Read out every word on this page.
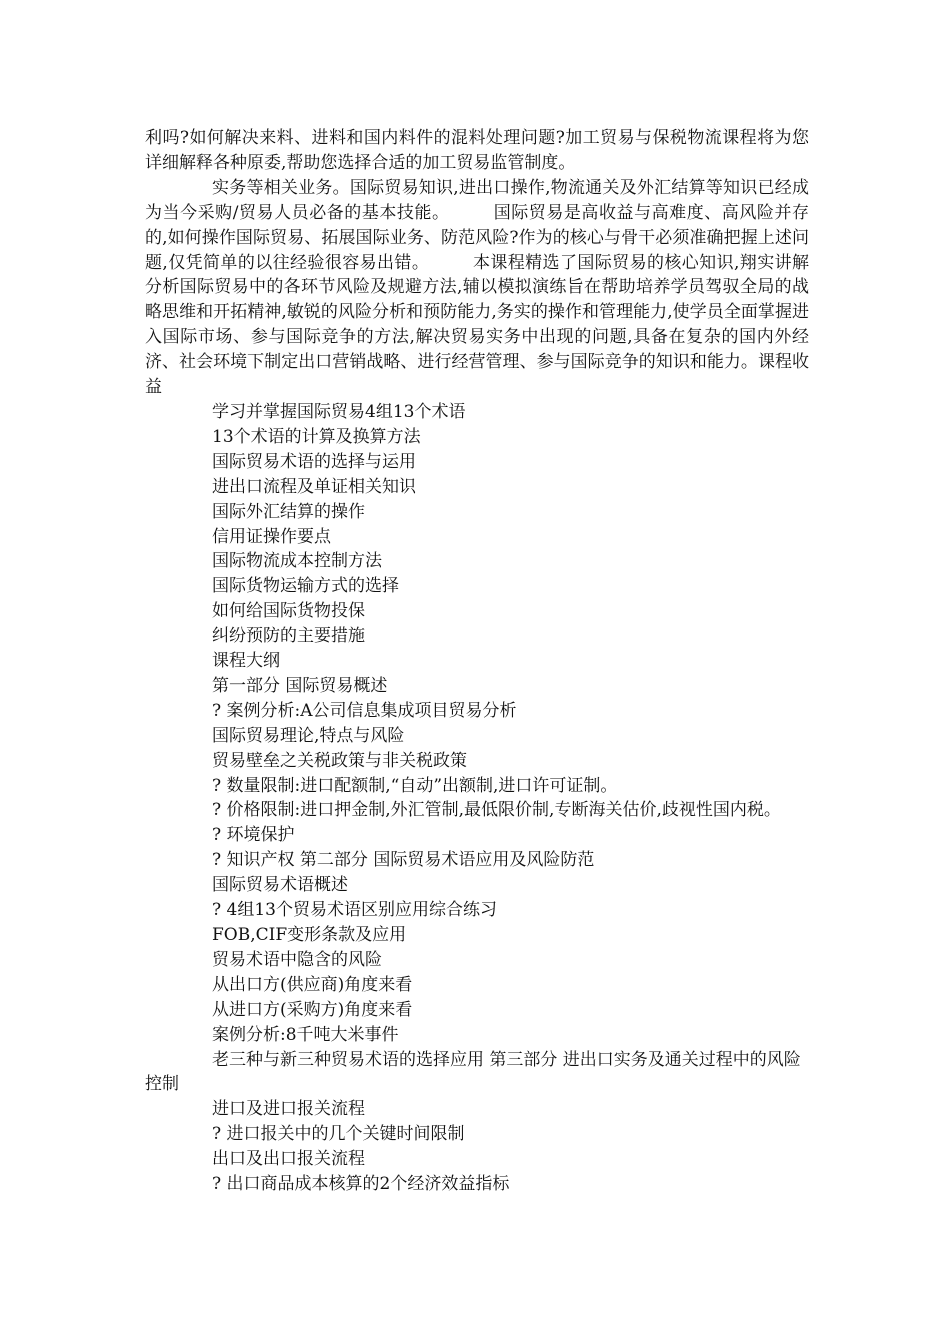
利吗?如何解决来料、进料和国内料件的混料处理问题?加工贸易与保税物流课程将为您详细解释各种原委,帮助您选择合适的加工贸易监管制度。

实务等相关业务。国际贸易知识,进出口操作,物流通关及外汇结算等知识已经成为当今采购/贸易人员必备的基本技能。　　　国际贸易是高收益与高难度、高风险并存的,如何操作国际贸易、拓展国际业务、防范风险?作为的核心与骨干必须准确把握上述问题,仅凭简单的以往经验很容易出错。　　　本课程精选了国际贸易的核心知识,翔实讲解分析国际贸易中的各环节风险及规避方法,辅以模拟演练旨在帮助培养学员驾驭全局的战略思维和开拓精神,敏锐的风险分析和预防能力,务实的操作和管理能力,使学员全面掌握进入国际市场、参与国际竞争的方法,解决贸易实务中出现的问题,具备在复杂的国内外经济、社会环境下制定出口营销战略、进行经营管理、参与国际竞争的知识和能力。课程收益

学习并掌握国际贸易4组13个术语

13个术语的计算及换算方法

国际贸易术语的选择与运用

进出口流程及单证相关知识

国际外汇结算的操作

信用证操作要点

国际物流成本控制方法

国际货物运输方式的选择

如何给国际货物投保

纠纷预防的主要措施

课程大纲

第一部分 国际贸易概述

? 案例分析:A公司信息集成项目贸易分析

国际贸易理论,特点与风险

贸易壁垒之关税政策与非关税政策

? 数量限制:进口配额制,“自动”出额制,进口许可证制。

? 价格限制:进口押金制,外汇管制,最低限价制,专断海关估价,歧视性国内税。

? 环境保护

? 知识产权 第二部分 国际贸易术语应用及风险防范

国际贸易术语概述

? 4组13个贸易术语区别应用综合练习

FOB,CIF变形条款及应用

贸易术语中隐含的风险

从出口方(供应商)角度来看

从进口方(采购方)角度来看

案例分析:8千吨大米事件

老三种与新三种贸易术语的选择应用 第三部分 进出口实务及通关过程中的风险控制

进口及进口报关流程

? 进口报关中的几个关键时间限制

出口及出口报关流程

? 出口商品成本核算的2个经济效益指标
